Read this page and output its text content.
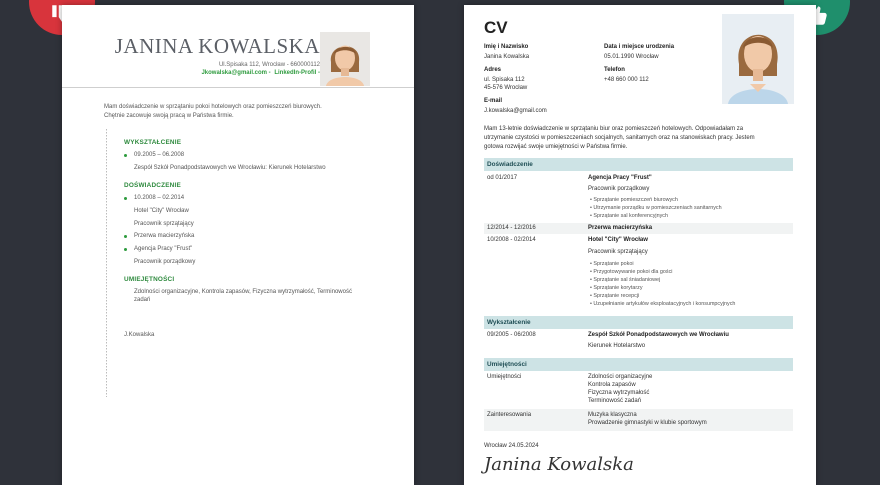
JANINA KOWALSKA
Ul.Spisaka 112, Wrocław - 660000112
Jkowalska@gmail.com - LinkedIn-Profil -
Mam doświadczenie w sprzątaniu pokoi hotelowych oraz pomieszczeń biurowych.
Chętnie zacowuje swoją pracą w Państwa firmie.
WYKSZTAŁCENIE
09.2005 – 06.2008
Zespół Szkół Ponadpodstawowych we Wrocławiu: Kierunek Hotelarstwo
DOŚWIADCZENIE
10.2008 – 02.2014
Hotel "City" Wrocław
Pracownik sprzątający
Przerwa macierzyńska
Agencja Pracy "Frust"
Pracownik porządkowy
UMIEJĘTNOŚCI
Zdolności organizacyjne, Kontrola zapasów, Fizyczna wytrzymałość, Terminowość
zadań
J.Kowalska
CV
Imię i Nazwisko
Janina Kowalska
Data i miejsce urodzenia
05.01.1990 Wrocław
Adres
ul. Spisaka 112
45-576 Wrocław
Telefon
+48 660 000 112
E-mail
J.kowalska@gmail.com
Mam 13-letnie doświadczenie w sprzątaniu biur oraz pomieszczeń hotelowych. Odpowiadałam za
utrzymanie czystości w pomieszczeniach socjalnych, sanitarnych oraz na stanowiskach pracy. Jestem
gotowa rozwijać swoje umiejętności w Państwa firmie.
Doświadczenie
od 01/2017	Agencja Pracy "Frust"
Pracownik porządkowy
• Sprzątanie pomieszczeń biurowych
• Utrzymanie porządku w pomieszczeniach sanitarnych
• Sprzątanie sal konferencyjnych
12/2014 - 12/2016	Przerwa macierzyńska
10/2008 - 02/2014	Hotel "City" Wrocław
Pracownik sprzątający
• Sprzątanie pokoi
• Przygotowywanie pokoi dla gości
• Sprzątanie sal śniadaniowej
• Sprzątanie korytarzy
• Sprzątanie recepcji
• Uzupełnianie artykułów eksploatacyjnych i konsumpcyjnych
Wykształcenie
09/2005 - 06/2008	Zespół Szkół Ponadpodstawowych we Wrocławiu
Kierunek Hotelarstwo
Umiejętności
Umiejętności	Zdolności organizacyjne
Kontrola zapasów
Fizyczna wytrzymałość
Terminowość zadań
Zainteresowania	Muzyka klasyczna
Prowadzenie gimnastyki w klubie sportowym
Wrocław 24.05.2024
Janina Kowalska
